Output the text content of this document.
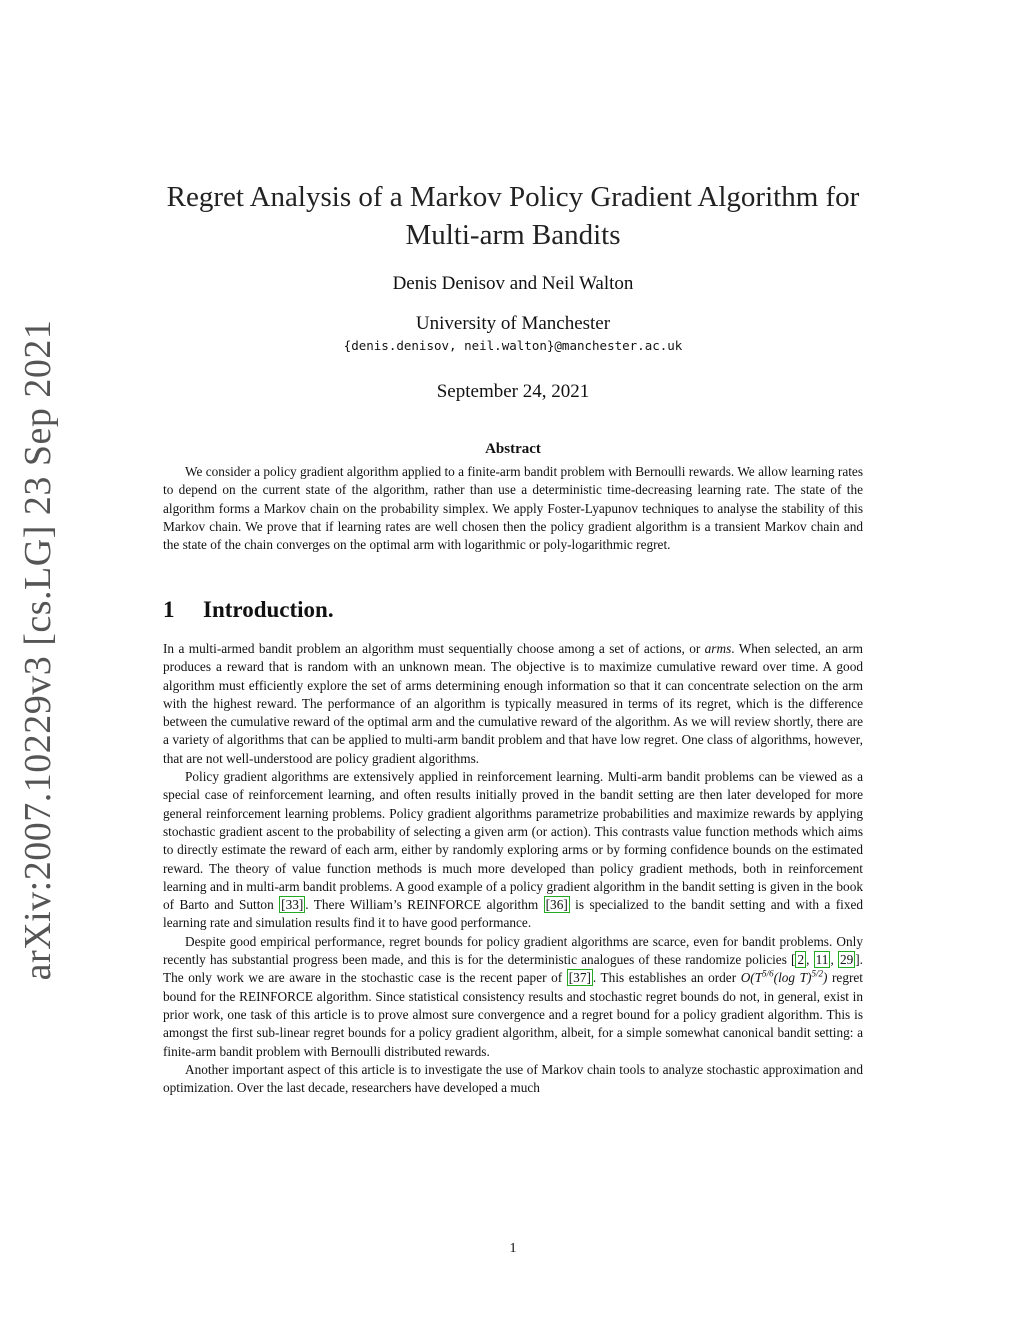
arXiv:2007.10229v3 [cs.LG] 23 Sep 2021
Regret Analysis of a Markov Policy Gradient Algorithm for Multi-arm Bandits
Denis Denisov and Neil Walton
University of Manchester
{denis.denisov, neil.walton}@manchester.ac.uk
September 24, 2021
Abstract

We consider a policy gradient algorithm applied to a finite-arm bandit problem with Bernoulli rewards. We allow learning rates to depend on the current state of the algorithm, rather than use a deterministic time-decreasing learning rate. The state of the algorithm forms a Markov chain on the probability simplex. We apply Foster-Lyapunov techniques to analyse the stability of this Markov chain. We prove that if learning rates are well chosen then the policy gradient algorithm is a transient Markov chain and the state of the chain converges on the optimal arm with logarithmic or poly-logarithmic regret.

1 Introduction.

In a multi-armed bandit problem an algorithm must sequentially choose among a set of actions, or arms. When selected, an arm produces a reward that is random with an unknown mean. The objective is to maximize cumulative reward over time. A good algorithm must efficiently explore the set of arms determining enough information so that it can concentrate selection on the arm with the highest reward. The performance of an algorithm is typically measured in terms of its regret, which is the difference between the cumulative reward of the optimal arm and the cumulative reward of the algorithm. As we will review shortly, there are a variety of algorithms that can be applied to multi-arm bandit problem and that have low regret. One class of algorithms, however, that are not well-understood are policy gradient algorithms.

Policy gradient algorithms are extensively applied in reinforcement learning. Multi-arm bandit problems can be viewed as a special case of reinforcement learning, and often results initially proved in the bandit setting are then later developed for more general reinforcement learning problems. Policy gradient algorithms parametrize probabilities and maximize rewards by applying stochastic gradient ascent to the probability of selecting a given arm (or action). This contrasts value function methods which aims to directly estimate the reward of each arm, either by randomly exploring arms or by forming confidence bounds on the estimated reward. The theory of value function methods is much more developed than policy gradient methods, both in reinforcement learning and in multi-arm bandit problems. A good example of a policy gradient algorithm in the bandit setting is given in the book of Barto and Sutton [33] . There William’s REINFORCE algorithm [36] is specialized to the bandit setting and with a fixed learning rate and simulation results find it to have good performance.

Despite good empirical performance, regret bounds for policy gradient algorithms are scarce, even for bandit problems. Only recently has substantial progress been made, and this is for the deterministic analogues of these randomize policies [ 2 , 11 , 29 ]. The only work we are aware in the stochastic case is the recent paper of [37] . This establishes an order $O(T^{5/6}(\log$ T)$^{5/2}$) regret bound for the REINFORCE algorithm. Since statistical consistency results and stochastic regret bounds do not, in general, exist in prior work, one task of this article is to prove almost sure convergence and a regret bound for a policy gradient algorithm. This is amongst the first sub-linear regret bounds for a policy gradient algorithm, albeit, for a simple somewhat canonical bandit setting: a finite-arm bandit problem with Bernoulli distributed rewards.

Another important aspect of this article is to investigate the use of Markov chain tools to analyze stochastic approximation and optimization. Over the last decade, researchers have developed a much

1
